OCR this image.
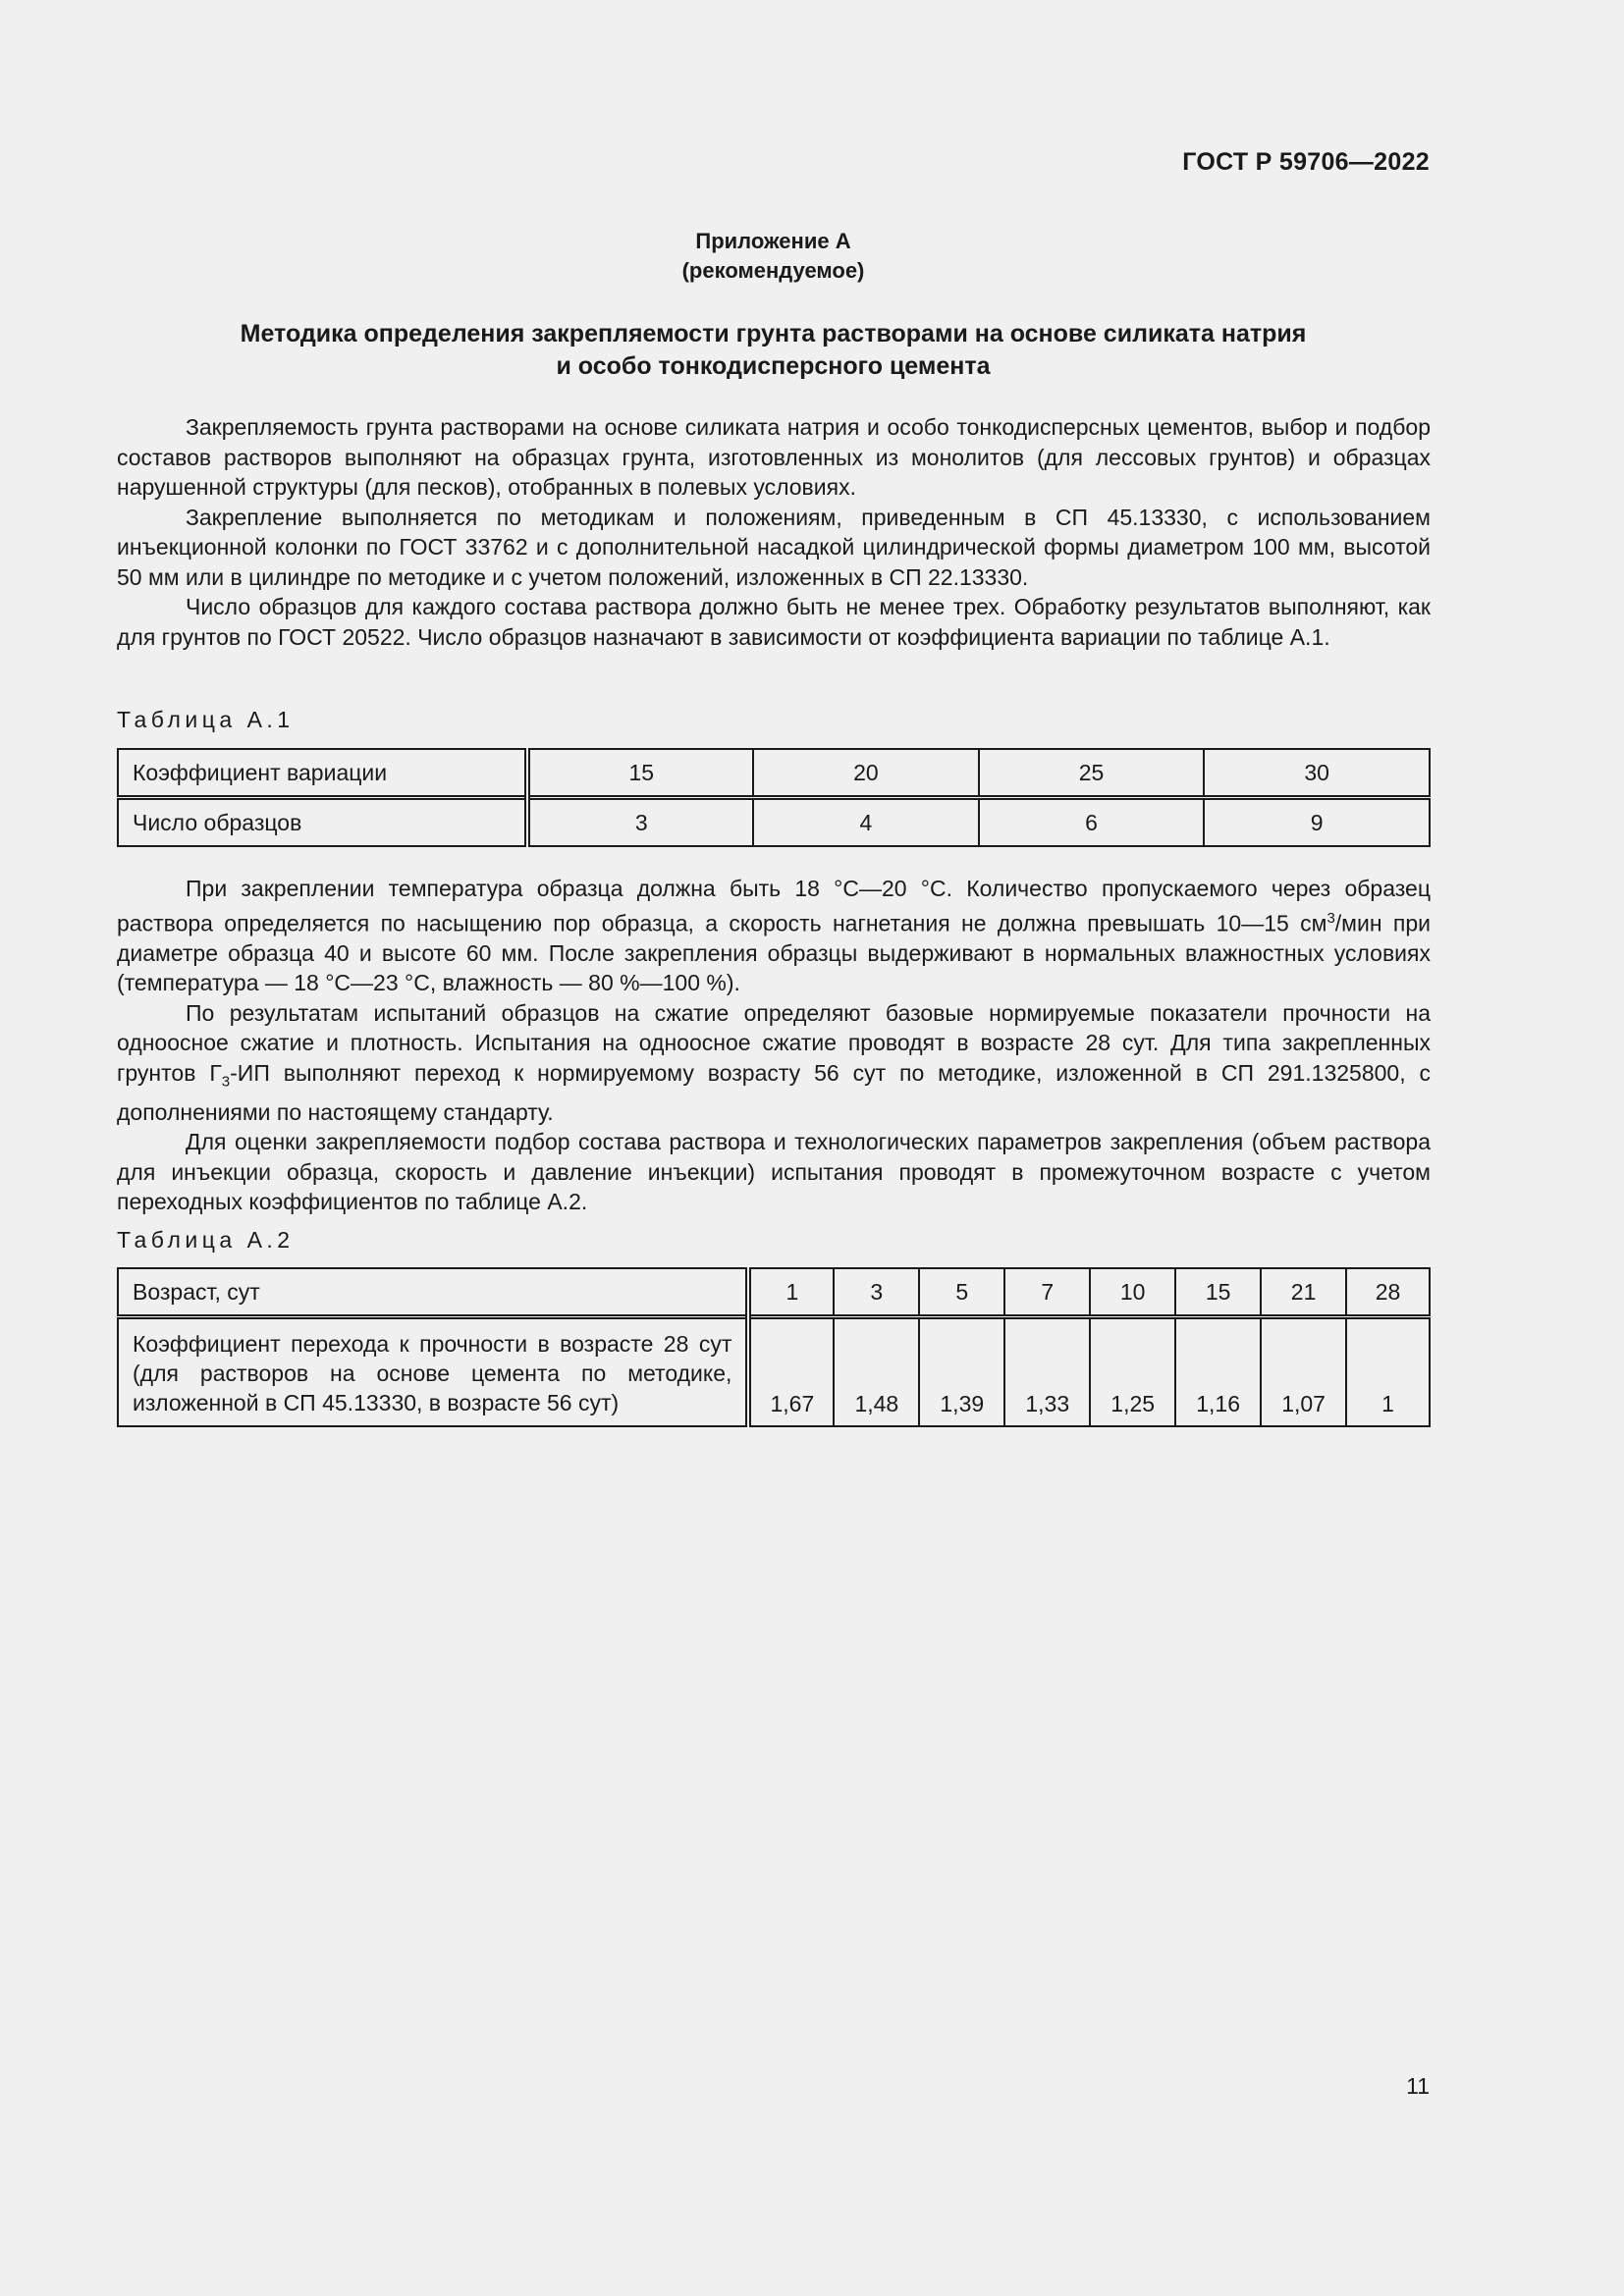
ГОСТ Р 59706—2022
Приложение А
(рекомендуемое)
Методика определения закрепляемости грунта растворами на основе силиката натрия
и особо тонкодисперсного цемента

Закрепляемость грунта растворами на основе силиката натрия и особо тонкодисперсных цементов, выбор и подбор составов растворов выполняют на образцах грунта, изготовленных из монолитов (для лессовых грунтов) и образцах нарушенной структуры (для песков), отобранных в полевых условиях.

Закрепление выполняется по методикам и положениям, приведенным в СП 45.13330, с использованием инъекционной колонки по ГОСТ 33762 и с дополнительной насадкой цилиндрической формы диаметром 100 мм, высотой 50 мм или в цилиндре по методике и с учетом положений, изложенных в СП 22.13330.

Число образцов для каждого состава раствора должно быть не менее трех. Обработку результатов выполняют, как для грунтов по ГОСТ 20522. Число образцов назначают в зависимости от коэффициента вариации по таблице А.1.

Таблица А.1
Коэффициент вариации	15	20	25	30
Число образцов	3	4	6	9

При закреплении температура образца должна быть 18 °С—20 °С. Количество пропускаемого через образец раствора определяется по насыщению пор образца, а скорость нагнетания не должна превышать 10—15 $см^3$/мин при диаметре образца 40 и высоте 60 мм. После закрепления образцы выдерживают в нормальных влажностных условиях (температура — 18 °С—23 °С, влажность — 80 %—100 %).

По результатам испытаний образцов на сжатие определяют базовые нормируемые показатели прочности на одноосное сжатие и плотность. Испытания на одноосное сжатие проводят в возрасте 28 сут. Для типа закрепленных грунтов $Г_3-ИП$ выполняют переход к нормируемому возрасту 56 сут по методике, изложенной в СП 291.1325800, с дополнениями по настоящему стандарту.

Для оценки закрепляемости подбор состава раствора и технологических параметров закрепления (объем раствора для инъекции образца, скорость и давление инъекции) испытания проводят в промежуточном возрасте с учетом переходных коэффициентов по таблице А.2.

Таблица А.2
Возраст, сут	1	3	5	7	10	15	21	28
Коэффициент перехода к прочности в возрасте 28 сут (для растворов на основе цемента по методике, изложенной в СП 45.13330, в возрасте 56 сут)	1,67	1,48	1,39	1,33	1,25	1,16	1,07	1
11
